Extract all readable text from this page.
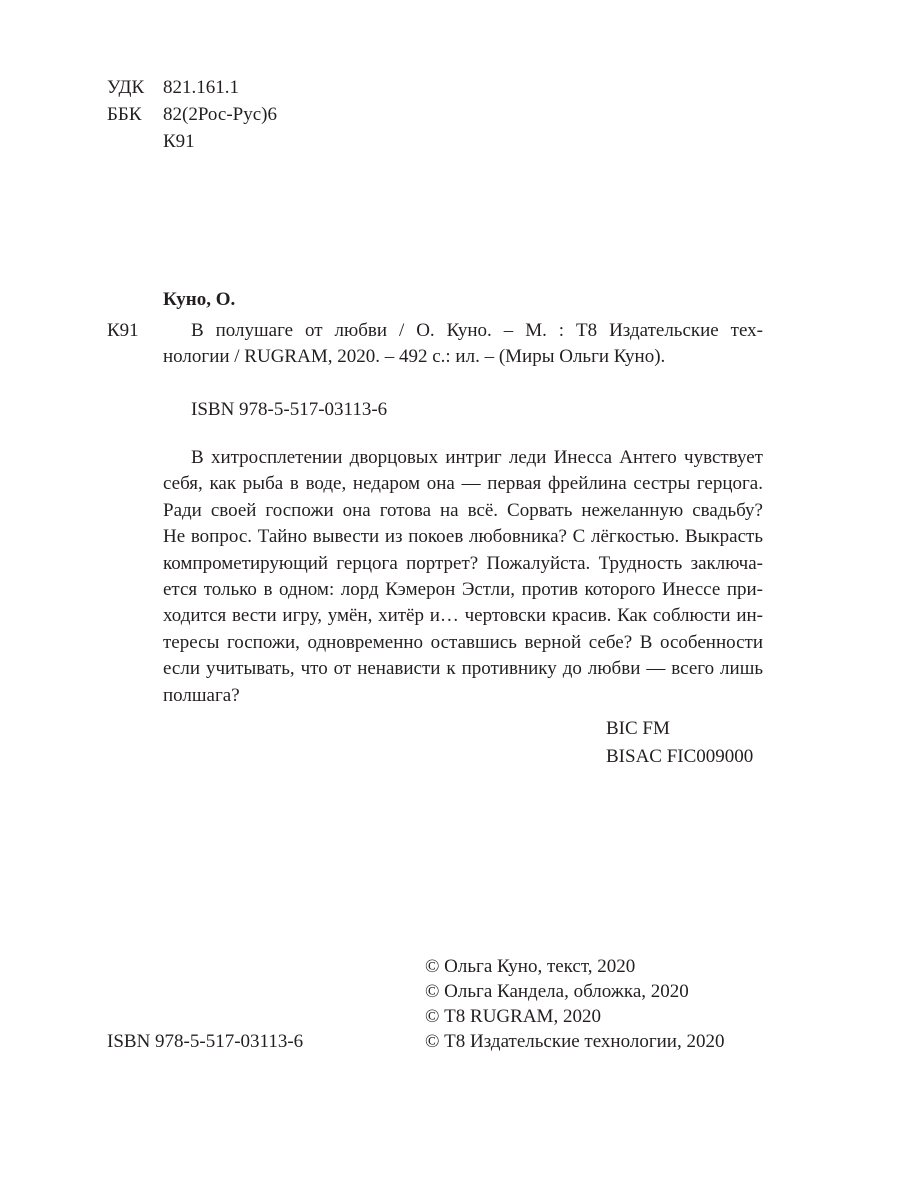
УДК 821.161.1
ББК 82(2Рос-Рус)6
К91
Куно, О.
К91	В полушаге от любви / О. Куно. – М. : Т8 Издательские тех-
нологии / RUGRAM, 2020. – 492 с.: ил. – (Миры Ольги Куно).
ISBN 978-5-517-03113-6
В хитросплетении дворцовых интриг леди Инесса Антего чувствует
себя, как рыба в воде, недаром она — первая фрейлина сестры герцога.
Ради своей госпожи она готова на всё. Сорвать нежеланную свадьбу?
Не вопрос. Тайно вывести из покоев любовника? С лёгкостью. Выкрасть
компрометирующий герцога портрет? Пожалуйста. Трудность заключа-
ется только в одном: лорд Кэмерон Эстли, против которого Инессе при-
ходится вести игру, умён, хитёр и… чертовски красив. Как соблюсти ин-
тересы госпожи, одновременно оставшись верной себе? В особенности
если учитывать, что от ненависти к противнику до любви — всего лишь
полшага?
BIC FM
BISAC FIC009000
© Ольга Куно, текст, 2020
© Ольга Кандела, обложка, 2020
© Т8 RUGRAM, 2020
© Т8 Издательские технологии, 2020
ISBN 978-5-517-03113-6
